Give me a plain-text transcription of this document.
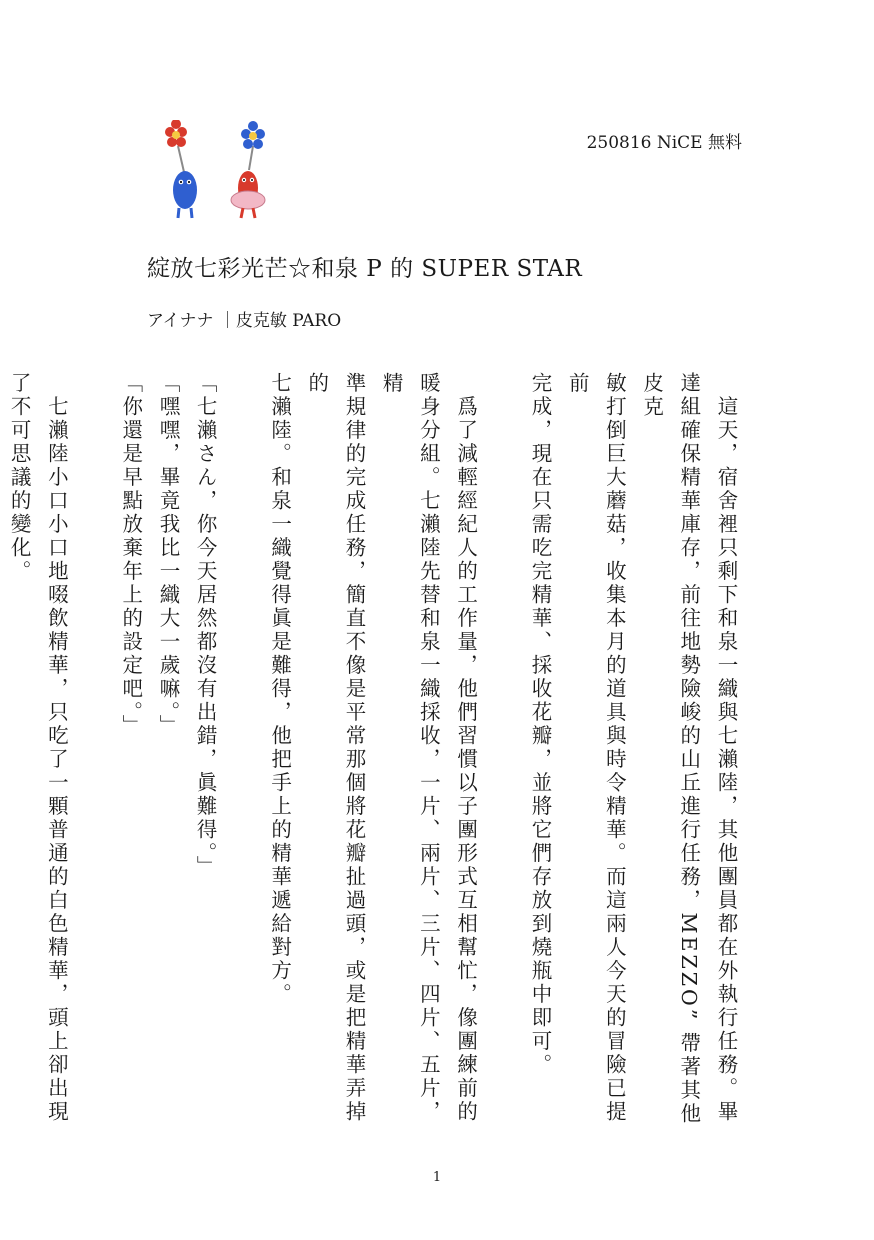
250816 NiCE 無料
綻放七彩光芒☆和泉 P 的 SUPER STAR
アイナナ ｜皮克敏 PARO

　這天，宿舍裡只剩下和泉一織與七瀨陸，其他團員都在外執行任務。畢

達組確保精華庫存，前往地勢險峻的山丘進行任務，MEZZO” 帶著其他皮克

敏打倒巨大蘑菇，收集本月的道具與時令精華。而這兩人今天的冒險已提前

完成，現在只需吃完精華、採收花瓣，並將它們存放到燒瓶中即可。

　爲了減輕經紀人的工作量，他們習慣以子團形式互相幫忙，像團練前的

暖身分組。七瀨陸先替和泉一織採收，一片、兩片、三片、四片、五片，精

準規律的完成任務，簡直不像是平常那個將花瓣扯過頭，或是把精華弄掉的

七瀨陸。和泉一織覺得眞是難得，他把手上的精華遞給對方。

「七瀨さん，你今天居然都沒有出錯，眞難得。」

「嘿嘿，畢竟我比一織大一歲嘛。」

「你還是早點放棄年上的設定吧。」

　七瀨陸小口小口地啜飲精華，只吃了一顆普通的白色精華，頭上卻出現

了不可思議的變化。

1
